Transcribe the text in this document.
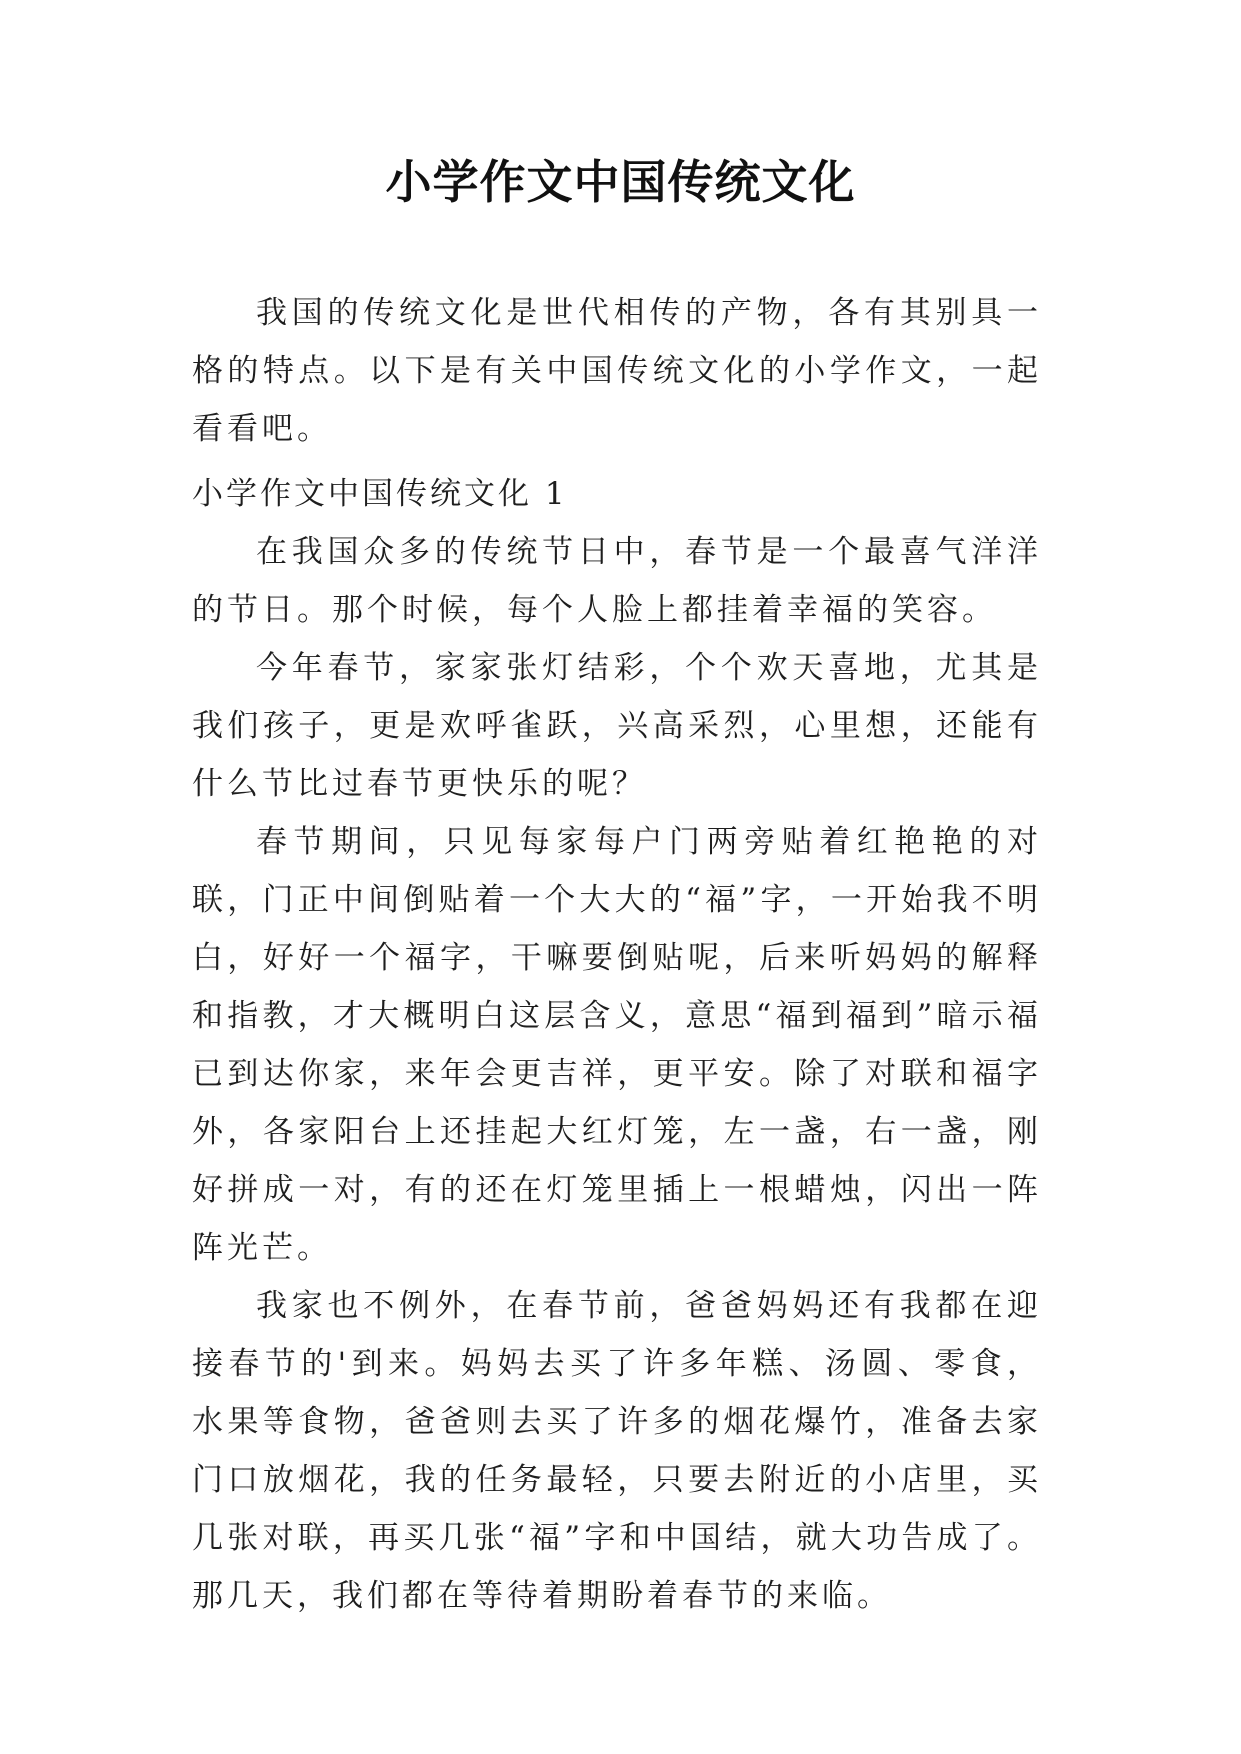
小学作文中国传统文化

我国的传统文化是世代相传的产物，各有其别具一格的特点。以下是有关中国传统文化的小学作文，一起看看吧。

小学作文中国传统文化 1

在我国众多的传统节日中，春节是一个最喜气洋洋的节日。那个时候，每个人脸上都挂着幸福的笑容。

今年春节，家家张灯结彩，个个欢天喜地，尤其是我们孩子，更是欢呼雀跃，兴高采烈，心里想，还能有什么节比过春节更快乐的呢？

春节期间，只见每家每户门两旁贴着红艳艳的对联，门正中间倒贴着一个大大的“福”字，一开始我不明白，好好一个福字，干嘛要倒贴呢，后来听妈妈的解释和指教，才大概明白这层含义，意思“福到福到”暗示福已到达你家，来年会更吉祥，更平安。除了对联和福字外，各家阳台上还挂起大红灯笼，左一盏，右一盏，刚好拼成一对，有的还在灯笼里插上一根蜡烛，闪出一阵阵光芒。

我家也不例外，在春节前，爸爸妈妈还有我都在迎接春节的'到来。妈妈去买了许多年糕、汤圆、零食，水果等食物，爸爸则去买了许多的烟花爆竹，准备去家门口放烟花，我的任务最轻，只要去附近的小店里，买几张对联，再买几张“福”字和中国结，就大功告成了。那几天，我们都在等待着期盼着春节的来临。
